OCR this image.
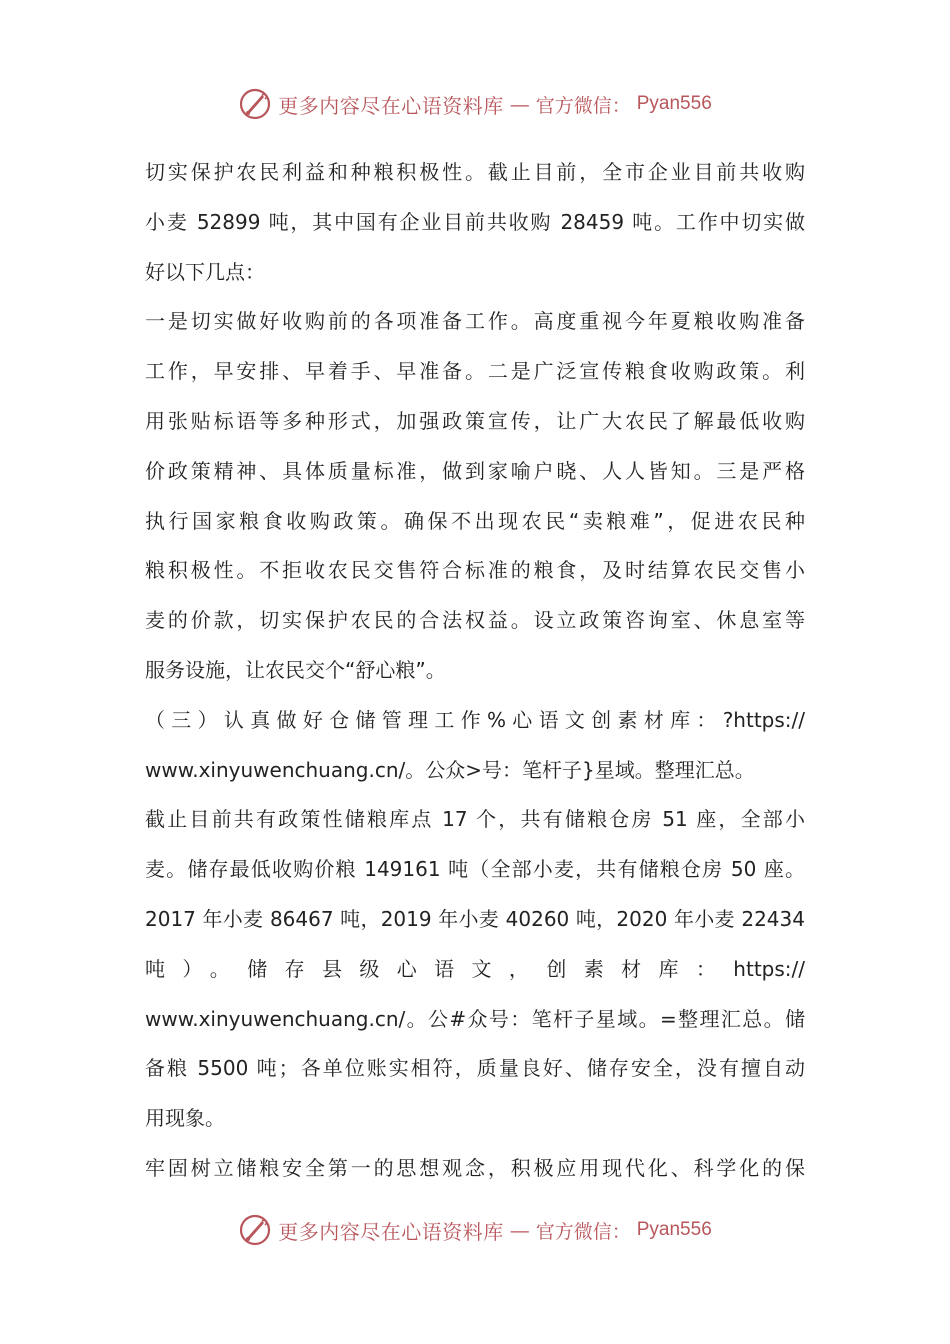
更多内容尽在心语资料库 — 官方微信： Pyan556
切实保护农民利益和种粮积极性。截止目前，全市企业目前共收购
小麦 52899 吨，其中国有企业目前共收购 28459 吨。工作中切实做
好以下几点：
一是切实做好收购前的各项准备工作。高度重视今年夏粮收购准备
工作，早安排、早着手、早准备。二是广泛宣传粮食收购政策。利
用张贴标语等多种形式，加强政策宣传，让广大农民了解最低收购
价政策精神、具体质量标准，做到家喻户晓、人人皆知。三是严格
执行国家粮食收购政策。确保不出现农民“卖粮难”，促进农民种
粮积极性。不拒收农民交售符合标准的粮食，及时结算农民交售小
麦的价款，切实保护农民的合法权益。设立政策咨询室、休息室等
服务设施，让农民交个“舒心粮”。
（三）认真做好仓储管理工作%心语文创素材库：?https://
www.xinyuwenchuang.cn/。公众>号：笔杆子}星域。整理汇总。
截止目前共有政策性储粮库点 17 个，共有储粮仓房 51 座，全部小
麦。储存最低收购价粮 149161 吨（全部小麦，共有储粮仓房 50 座。
2017 年小麦 86467 吨，2019 年小麦 40260 吨，2020 年小麦 22434
吨）。储存县级心语文，创素材库：https://
www.xinyuwenchuang.cn/。公#众号：笔杆子星域。=整理汇总。储
备粮 5500 吨；各单位账实相符，质量良好、储存安全，没有擅自动
用现象。
牢固树立储粮安全第一的思想观念，积极应用现代化、科学化的保
更多内容尽在心语资料库 — 官方微信： Pyan556
